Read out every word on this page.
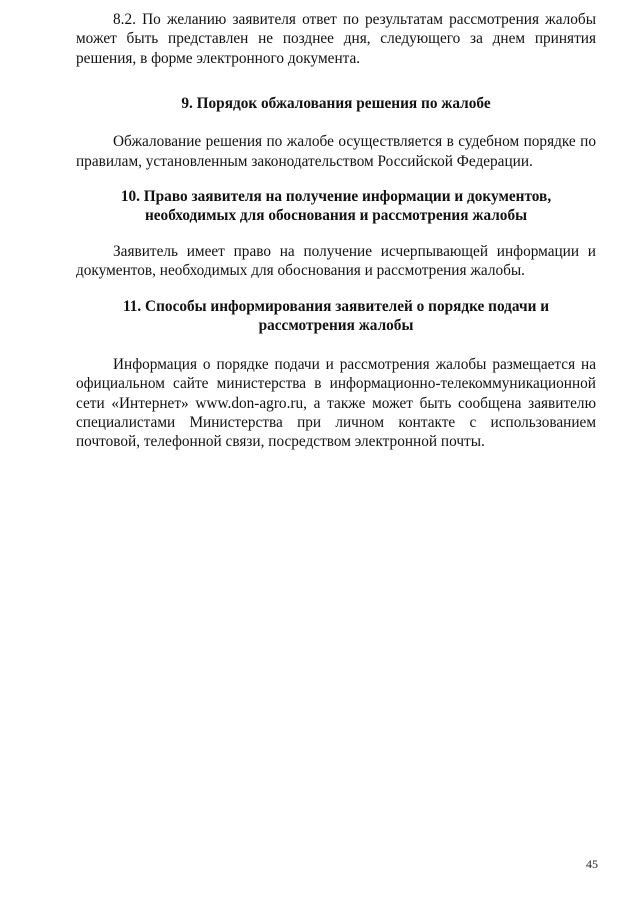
8.2. По желанию заявителя ответ по результатам рассмотрения жалобы может быть представлен не позднее дня, следующего за днем принятия решения, в форме электронного документа.

9. Порядок обжалования решения по жалобе

Обжалование решения по жалобе осуществляется в судебном порядке по правилам, установленным законодательством Российской Федерации.

10. Право заявителя на получение информации и документов,
необходимых для обоснования и рассмотрения жалобы

Заявитель имеет право на получение исчерпывающей информации и документов, необходимых для обоснования и рассмотрения жалобы.

11. Способы информирования заявителей о порядке подачи и
рассмотрения жалобы

Информация о порядке подачи и рассмотрения жалобы размещается на официальном сайте министерства в информационно-телекоммуникационной сети «Интернет» www.don-agro.ru, а также может быть сообщена заявителю специалистами Министерства при личном контакте с использованием почтовой, телефонной связи, посредством электронной почты.

45
